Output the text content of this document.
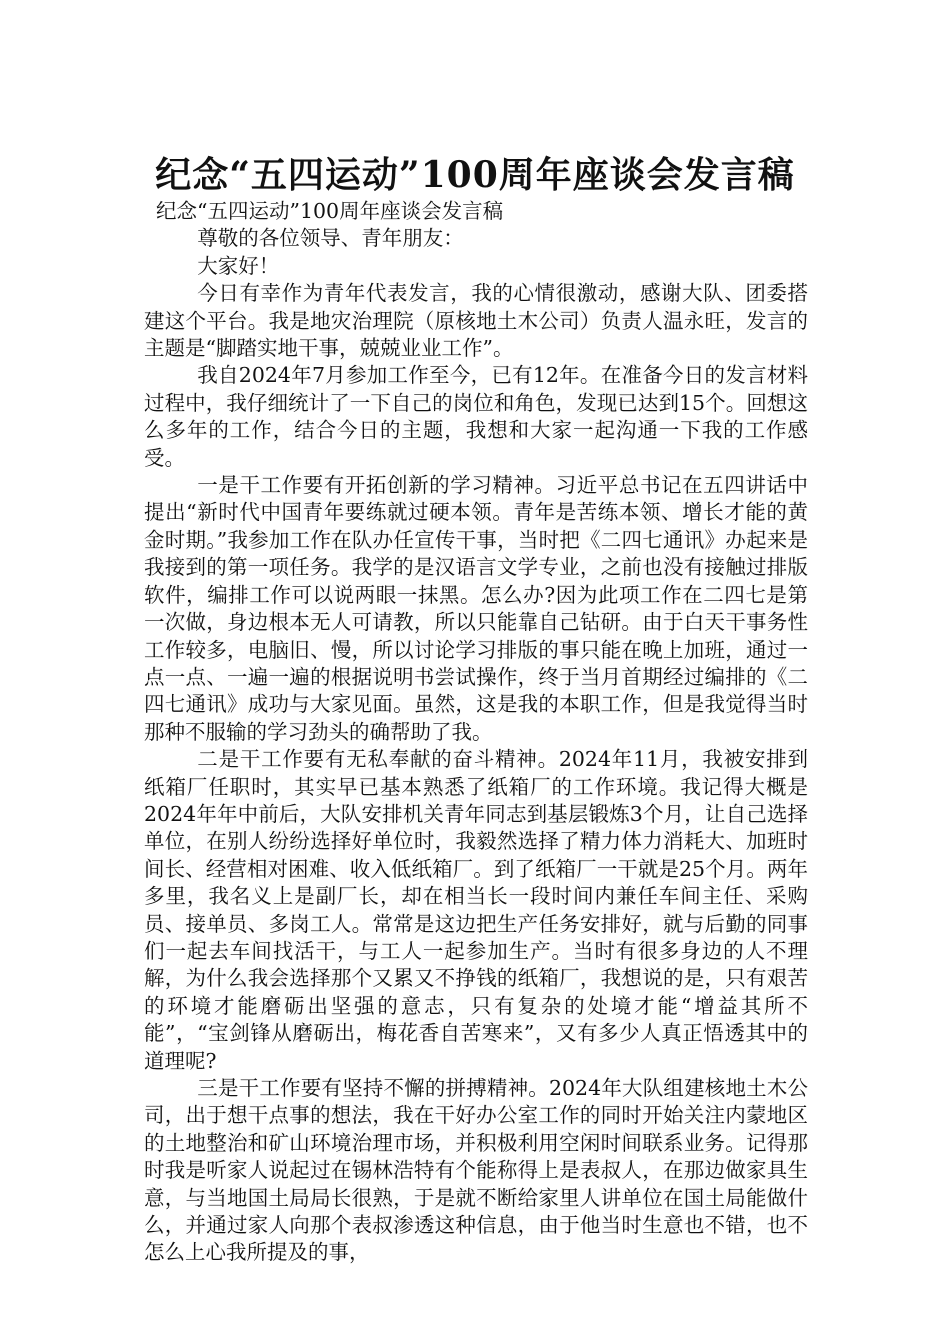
纪念“五四运动”100周年座谈会发言稿

纪念“五四运动”100周年座谈会发言稿

尊敬的各位领导、青年朋友：

大家好！

今日有幸作为青年代表发言，我的心情很激动，感谢大队、团委搭建这个平台。我是地灾治理院（原核地土木公司）负责人温永旺，发言的主题是“脚踏实地干事，兢兢业业工作”。

我自2024年7月参加工作至今，已有12年。在准备今日的发言材料过程中，我仔细统计了一下自己的岗位和角色，发现已达到15个。回想这么多年的工作，结合今日的主题，我想和大家一起沟通一下我的工作感受。

一是干工作要有开拓创新的学习精神。习近平总书记在五四讲话中提出“新时代中国青年要练就过硬本领。青年是苦练本领、增长才能的黄金时期。”我参加工作在队办任宣传干事，当时把《二四七通讯》办起来是我接到的第一项任务。我学的是汉语言文学专业，之前也没有接触过排版软件，编排工作可以说两眼一抹黑。怎么办?因为此项工作在二四七是第一次做，身边根本无人可请教，所以只能靠自己钻研。由于白天干事务性工作较多，电脑旧、慢，所以讨论学习排版的事只能在晚上加班，通过一点一点、一遍一遍的根据说明书尝试操作，终于当月首期经过编排的《二四七通讯》成功与大家见面。虽然，这是我的本职工作，但是我觉得当时那种不服输的学习劲头的确帮助了我。

二是干工作要有无私奉献的奋斗精神。2024年11月，我被安排到纸箱厂任职时，其实早已基本熟悉了纸箱厂的工作环境。我记得大概是2024年年中前后，大队安排机关青年同志到基层锻炼3个月，让自己选择单位，在别人纷纷选择好单位时，我毅然选择了精力体力消耗大、加班时间长、经营相对困难、收入低纸箱厂。到了纸箱厂一干就是25个月。两年多里，我名义上是副厂长，却在相当长一段时间内兼任车间主任、采购员、接单员、多岗工人。常常是这边把生产任务安排好，就与后勤的同事们一起去车间找活干，与工人一起参加生产。当时有很多身边的人不理解，为什么我会选择那个又累又不挣钱的纸箱厂，我想说的是，只有艰苦的环境才能磨砺出坚强的意志，只有复杂的处境才能“增益其所不能”，“宝剑锋从磨砺出，梅花香自苦寒来”，又有多少人真正悟透其中的道理呢?

三是干工作要有坚持不懈的拼搏精神。2024年大队组建核地土木公司，出于想干点事的想法，我在干好办公室工作的同时开始关注内蒙地区的土地整治和矿山环境治理市场，并积极利用空闲时间联系业务。记得那时我是听家人说起过在锡林浩特有个能称得上是表叔人，在那边做家具生意，与当地国土局局长很熟，于是就不断给家里人讲单位在国土局能做什么，并通过家人向那个表叔渗透这种信息，由于他当时生意也不错，也不怎么上心我所提及的事，
